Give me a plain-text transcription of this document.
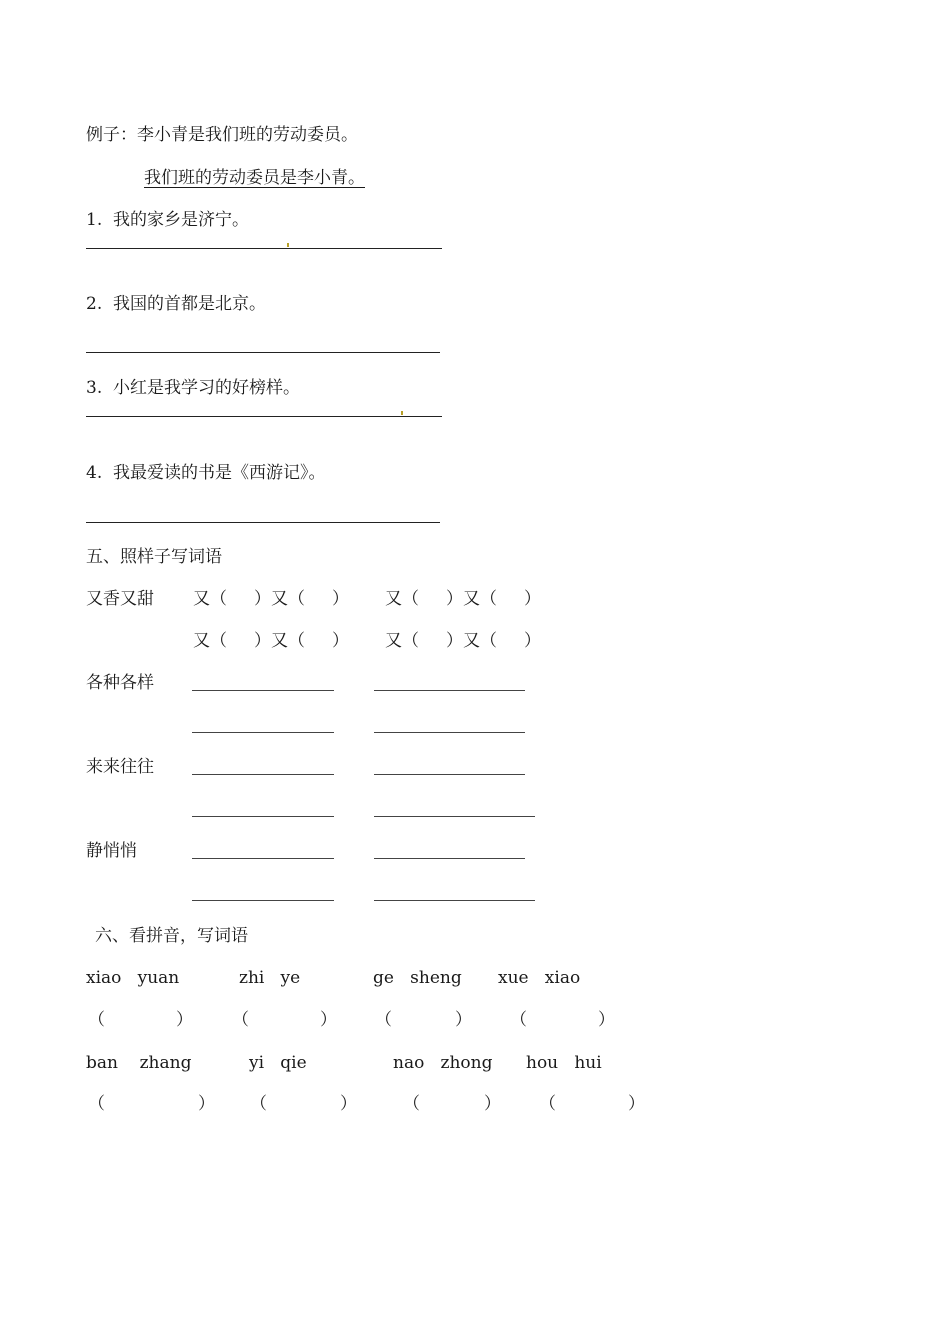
例子：李小青是我们班的劳动委员。
我们班的劳动委员是李小青。
1. 我的家乡是济宁。
2. 我国的首都是北京。
3. 小红是我学习的好榜样。
4. 我最爱读的书是《西游记》。
五、照样子写词语
又香又甜 又（     ）又（     ） 又（     ）又（     ）
又（     ）又（     ） 又（     ）又（     ）
各种各样
来来往往
静悄悄
六、看拼音，写词语
xiao   yuan	zhi   ye	ge   sheng xue   xiao
（	） （	） （	） （	）
ban    zhang	yi   qie	nao   zhong hou   hui
（	） （	）	（	） （	）
